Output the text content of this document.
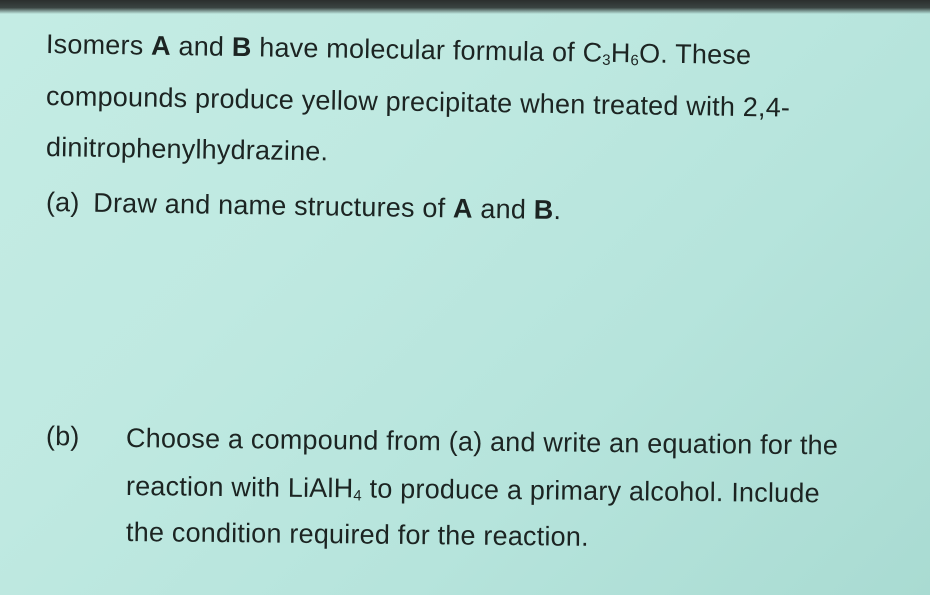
Isomers A and B have molecular formula of $C_3H_6O$. These
compounds produce yellow precipitate when treated with 2,4-
dinitrophenylhydrazine.
(a) Draw and name structures of A and B.
(b) Choose a compound from (a) and write an equation for the
reaction with LiAlH$_4$ to produce a primary alcohol. Include
the condition required for the reaction.
